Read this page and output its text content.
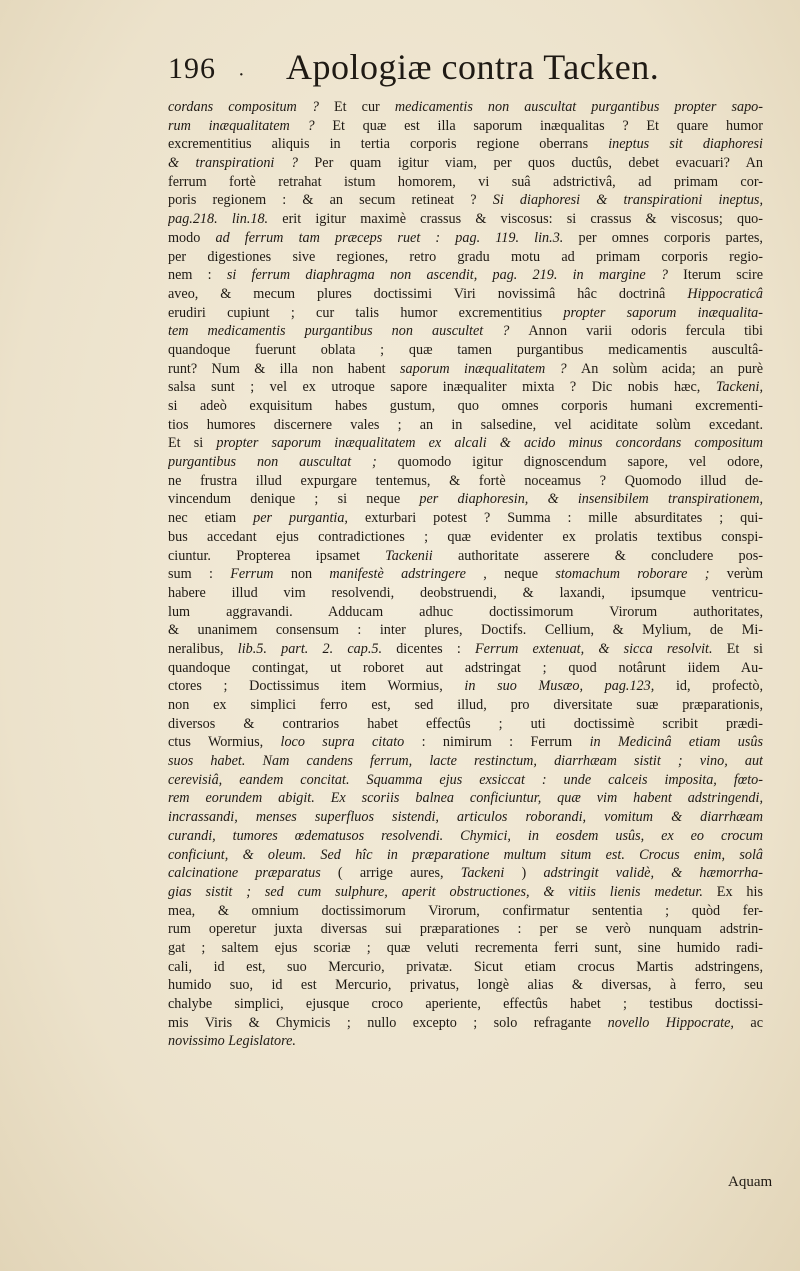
196 · Apologiæ contra Tacken.
cordans compositum ? Et cur medicamentis non auscultat purgantibus propter sapo-
rum inæqualitatem ? Et quæ est illa saporum inæqualitas ? Et quare humor
excrementitius aliquis in tertia corporis regione oberrans ineptus sit diaphoresi
& transpirationi ? Per quam igitur viam, per quos ductûs, debet evacuari? An
ferrum fortè retrahat istum homorem, vi suâ adstrictivâ, ad primam cor-
poris regionem : & an secum retineat ? Si diaphoresi & transpirationi ineptus,
pag.218. lin.18. erit igitur maximè crassus & viscosus: si crassus & viscosus; quo-
modo ad ferrum tam præceps ruet : pag. 119. lin.3. per omnes corporis partes,
per digestiones sive regiones, retro gradu motu ad primam corporis regio-
nem : si ferrum diaphragma non ascendit, pag. 219. in margine ? Iterum scire
aveo, & mecum plures doctissimi Viri novissimâ hâc doctrinâ Hippocraticâ
erudiri cupiunt ; cur talis humor excrementitius propter saporum inæqualita-
tem medicamentis purgantibus non auscultet ? Annon varii odoris fercula tibi
quandoque fuerunt oblata ; quæ tamen purgantibus medicamentis auscultâ-
runt? Num & illa non habent saporum inæqualitatem ? An solùm acida; an purè
salsa sunt ; vel ex utroque sapore inæqualiter mixta ? Dic nobis hæc, Tackeni,
si adeò exquisitum habes gustum, quo omnes corporis humani excrementi-
tios humores discernere vales ; an in salsedine, vel aciditate solùm excedant.
Et si propter saporum inæqualitatem ex alcali & acido minus concordans compositum
purgantibus non auscultat ; quomodo igitur dignoscendum sapore, vel odore,
ne frustra illud expurgare tentemus, & fortè noceamus ? Quomodo illud de-
vincendum denique ; si neque per diaphoresin, & insensibilem transpirationem,
nec etiam per purgantia, exturbari potest ? Summa : mille absurditates ; qui-
bus accedant ejus contradictiones ; quæ evidenter ex prolatis textibus conspi-
ciuntur. Propterea ipsamet Tackenii authoritate asserere & concludere pos-
sum : Ferrum non manifestè adstringere , neque stomachum roborare ; verùm
habere illud vim resolvendi, deobstruendi, & laxandi, ipsumque ventricu-
lum aggravandi. Adducam adhuc doctissimorum Virorum authoritates,
& unanimem consensum : inter plures, Doctifs. Cellium, & Mylium, de Mi-
neralibus, lib.5. part. 2. cap.5. dicentes : Ferrum extenuat, & sicca resolvit. Et si
quandoque contingat, ut roboret aut adstringat ; quod notârunt iidem Au-
ctores ; Doctissimus item Wormius, in suo Musæo, pag.123, id, profectò,
non ex simplici ferro est, sed illud, pro diversitate suæ præparationis,
diversos & contrarios habet effectûs ; uti doctissimè scribit prædi-
ctus Wormius, loco supra citato : nimirum : Ferrum in Medicinâ etiam usûs
suos habet. Nam candens ferrum, lacte restinctum, diarrhæam sistit ; vino, aut
cerevisiâ, eandem concitat. Squamma ejus exsiccat : unde calceis imposita, fœto-
rem eorundem abigit. Ex scoriis balnea conficiuntur, quæ vim habent adstringendi,
incrassandi, menses superfluos sistendi, articulos roborandi, vomitum & diarrhæam
curandi, tumores œdematusos resolvendi. Chymici, in eosdem usûs, ex eo crocum
conficiunt, & oleum. Sed hîc in præparatione multum situm est. Crocus enim, solâ
calcinatione præparatus ( arrige aures, Tackeni ) adstringit validè, & hæmorrha-
gias sistit ; sed cum sulphure, aperit obstructiones, & vitiis lienis medetur. Ex his
mea, & omnium doctissimorum Virorum, confirmatur sententia ; quòd fer-
rum operetur juxta diversas sui præparationes : per se verò nunquam adstrin-
gat ; saltem ejus scoriæ ; quæ veluti recrementa ferri sunt, sine humido radi-
cali, id est, suo Mercurio, privatæ. Sicut etiam crocus Martis adstringens,
humido suo, id est Mercurio, privatus, longè alias & diversas, à ferro, seu
chalybe simplici, ejusque croco aperiente, effectûs habet ; testibus doctissi-
mis Viris & Chymicis ; nullo excepto ; solo refragante novello Hippocrate, ac
novissimo Legislatore.
Aquam
